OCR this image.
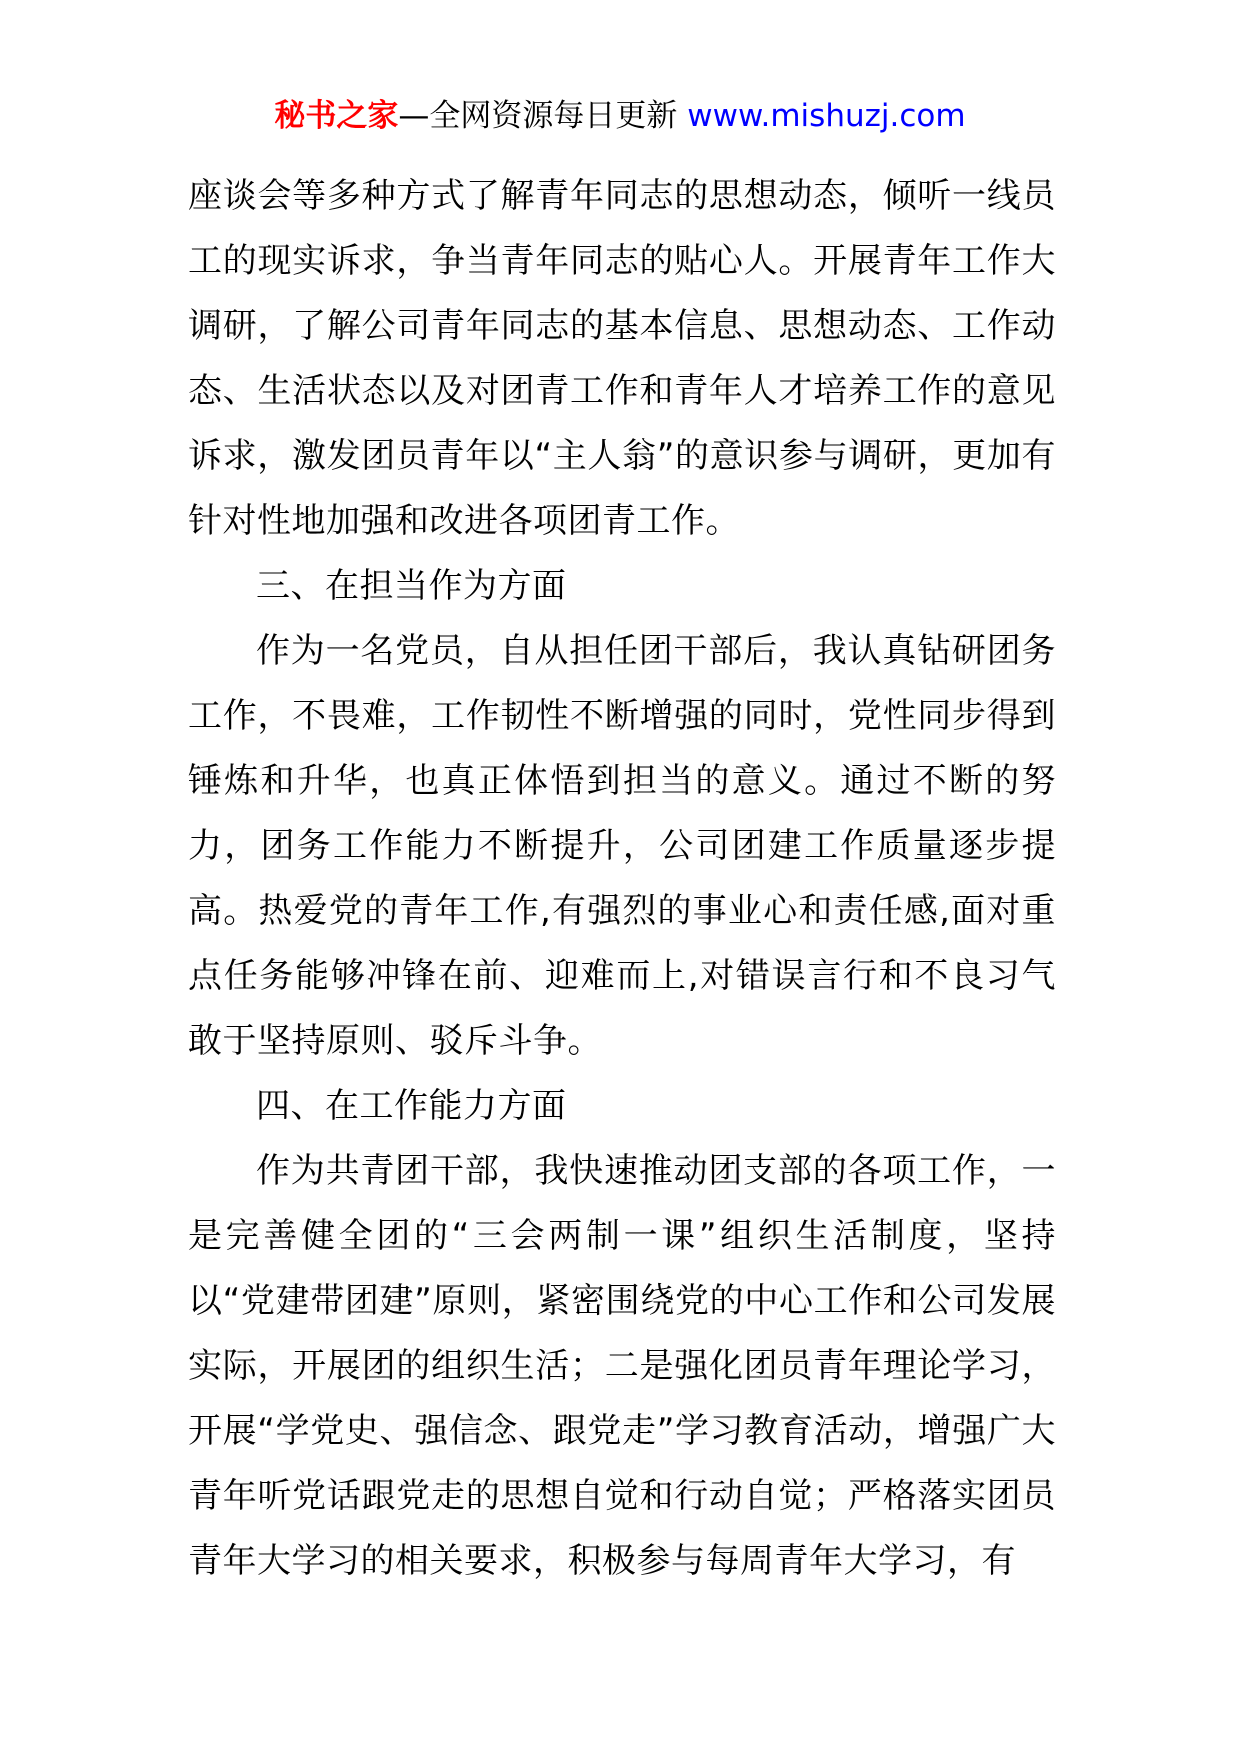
秘书之家—全网资源每日更新 www.mishuzj.com

座谈会等多种方式了解青年同志的思想动态，倾听一线员工的现实诉求，争当青年同志的贴心人。开展青年工作大调研，了解公司青年同志的基本信息、思想动态、工作动态、生活状态以及对团青工作和青年人才培养工作的意见诉求，激发团员青年以“主人翁”的意识参与调研，更加有针对性地加强和改进各项团青工作。

三、在担当作为方面

作为一名党员，自从担任团干部后，我认真钻研团务工作，不畏难，工作韧性不断增强的同时，党性同步得到锤炼和升华，也真正体悟到担当的意义。通过不断的努力，团务工作能力不断提升，公司团建工作质量逐步提高。热爱党的青年工作,有强烈的事业心和责任感,面对重点任务能够冲锋在前、迎难而上,对错误言行和不良习气敢于坚持原则、驳斥斗争。

四、在工作能力方面

作为共青团干部，我快速推动团支部的各项工作，一是完善健全团的“三会两制一课”组织生活制度，坚持以“党建带团建”原则，紧密围绕党的中心工作和公司发展实际，开展团的组织生活；二是强化团员青年理论学习，开展“学党史、强信念、跟党走”学习教育活动，增强广大青年听党话跟党走的思想自觉和行动自觉；严格落实团员青年大学习的相关要求，积极参与每周青年大学习，有
